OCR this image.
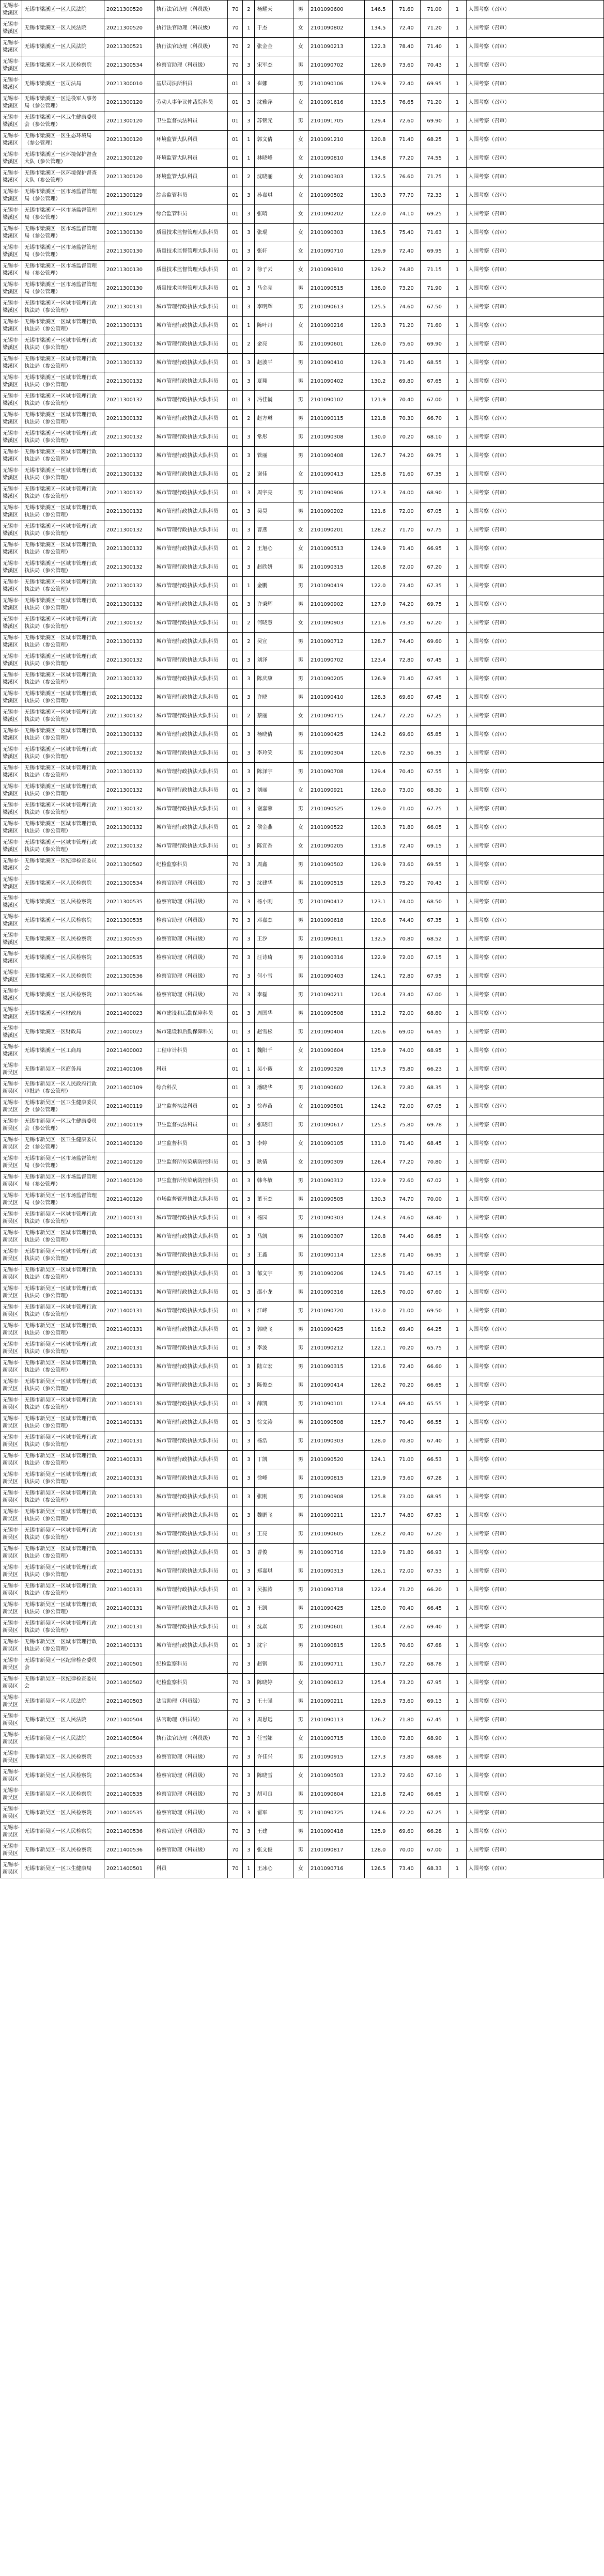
无锡市·梁溪区	无锡市梁溪区一区人民法院	20211300520	执行法官助理（科员级）	70	2	杨耀天	男	2101090600	146.5	71.60	71.00	1	人围考察（召审）
无锡市·梁溪区	无锡市梁溪区一区人民法院	20211300520	执行法官助理（科员级）	70	1	于杰	女	2101090802	134.5	72.40	71.20	1	人围考察（召审）
无锡市·梁溪区	无锡市梁溪区一区人民法院	20211300521	执行法官助理（科员级）	70	2	张金金	女	2101090213	122.3	78.40	71.40	1	人围考察（召审）
无锡市·梁溪区	无锡市梁溪区一区人民检察院	20211300534	检察官助理（科员级）	70	3	宋军杰	男	2101090702	126.9	73.60	70.43	1	人围考察（召审）
无锡市·梁溪区	无锡市梁溪区一区司法局	20211300010	基层司法所科员	01	3	崔娜	男	2101090106	129.9	72.40	69.95	1	人围考察（召审）
无锡市·梁溪区	无锡市梁溪区一区退役军人事务局（参公管理）	20211300120	劳动人事争议仲裁院科员	01	3	沈雅萍	女	2101091616	133.5	76.65	71.20	1	人围考察（召审）
无锡市·梁溪区	无锡市梁溪区一区卫生健康委员会（参公管理）	20211300120	卫生监督执法科员	01	3	苏铭元	男	2101091705	129.4	72.60	69.90	1	人围考察（召审）
无锡市·梁溪区	无锡市梁溪区一区生态环境局（参公管理）	20211300120	环境监管大队科员	01	1	郭文倩	女	2101091210	120.8	71.40	68.25	1	人围考察（召审）
无锡市·梁溪区	无锡市梁溪区一区环境保护督查大队（参公管理）	20211300120	环境监管大队科员	01	1	林晓峰	女	2101090810	134.8	77.20	74.55	1	人围考察（召审）
无锡市·梁溪区	无锡市梁溪区一区环境保护督查大队（参公管理）	20211300120	环境监管大队科员	01	2	沈晓丽	女	2101090303	132.5	76.60	71.75	1	人围考察（召审）
无锡市·梁溪区	无锡市梁溪区一区市场监督管理局（参公管理）	20211300129	综合监管科员	01	3	孙嘉琪	女	2101090502	130.3	77.70	72.33	1	人围考察（召审）
无锡市·梁溪区	无锡市梁溪区一区市场监督管理局（参公管理）	20211300129	综合监管科员	01	3	张晴	女	2101090202	122.0	74.10	69.25	1	人围考察（召审）
无锡市·梁溪区	无锡市梁溪区一区市场监督管理局（参公管理）	20211300130	质量技术监督管理大队科员	01	3	张琨	女	2101090303	136.5	75.40	71.63	1	人围考察（召审）
无锡市·梁溪区	无锡市梁溪区一区市场监督管理局（参公管理）	20211300130	质量技术监督管理大队科员	01	3	张轩	女	2101090710	129.9	72.40	69.95	1	人围考察（召审）
无锡市·梁溪区	无锡市梁溪区一区市场监督管理局（参公管理）	20211300130	质量技术监督管理大队科员	01	2	徐子云	女	2101090910	129.2	74.80	71.15	1	人围考察（召审）
无锡市·梁溪区	无锡市梁溪区一区市场监督管理局（参公管理）	20211300130	质量技术监督管理大队科员	01	3	马金亮	男	2101090515	138.0	73.20	71.90	1	人围考察（召审）
无锡市·梁溪区	无锡市梁溪区一区城市管理行政执法局（参公管理）	20211300131	城市管理行政执法大队科员	01	3	李明辉	男	2101090613	125.5	74.60	67.50	1	人围考察（召审）
无锡市·梁溪区	无锡市梁溪区一区城市管理行政执法局（参公管理）	20211300131	城市管理行政执法大队科员	01	1	陈叶丹	女	2101090216	129.3	71.20	71.60	1	人围考察（召审）
无锡市·梁溪区	无锡市梁溪区一区城市管理行政执法局（参公管理）	20211300132	城市管理行政执法大队科员	01	2	金亮	男	2101090601	126.0	75.60	69.90	1	人围考察（召审）
无锡市·梁溪区	无锡市梁溪区一区城市管理行政执法局（参公管理）	20211300132	城市管理行政执法大队科员	01	3	赵波平	男	2101090410	129.3	71.40	68.55	1	人围考察（召审）
无锡市·梁溪区	无锡市梁溪区一区城市管理行政执法局（参公管理）	20211300132	城市管理行政执法大队科员	01	3	夏翔	男	2101090402	130.2	69.80	67.65	1	人围考察（召审）
无锡市·梁溪区	无锡市梁溪区一区城市管理行政执法局（参公管理）	20211300132	城市管理行政执法大队科员	01	3	冯佳巍	男	2101090102	121.9	70.40	67.00	1	人围考察（召审）
无锡市·梁溪区	无锡市梁溪区一区城市管理行政执法局（参公管理）	20211300132	城市管理行政执法大队科员	01	2	赵方琳	男	2101090115	121.8	70.30	66.70	1	人围考察（召审）
无锡市·梁溪区	无锡市梁溪区一区城市管理行政执法局（参公管理）	20211300132	城市管理行政执法大队科员	01	3	常彤	男	2101090308	130.0	70.20	68.10	1	人围考察（召审）
无锡市·梁溪区	无锡市梁溪区一区城市管理行政执法局（参公管理）	20211300132	城市管理行政执法大队科员	01	3	管丽	男	2101090408	126.7	74.20	69.75	1	人围考察（召审）
无锡市·梁溪区	无锡市梁溪区一区城市管理行政执法局（参公管理）	20211300132	城市管理行政执法大队科员	01	2	谢佳	女	2101090413	125.8	71.60	67.35	1	人围考察（召审）
无锡市·梁溪区	无锡市梁溪区一区城市管理行政执法局（参公管理）	20211300132	城市管理行政执法大队科员	01	3	周宇亮	男	2101090906	127.3	74.00	68.90	1	人围考察（召审）
无锡市·梁溪区	无锡市梁溪区一区城市管理行政执法局（参公管理）	20211300132	城市管理行政执法大队科员	01	3	吴昊	男	2101090202	121.6	72.00	67.05	1	人围考察（召审）
无锡市·梁溪区	无锡市梁溪区一区城市管理行政执法局（参公管理）	20211300132	城市管理行政执法大队科员	01	3	曹燕	女	2101090201	128.2	71.70	67.75	1	人围考察（召审）
无锡市·梁溪区	无锡市梁溪区一区城市管理行政执法局（参公管理）	20211300132	城市管理行政执法大队科员	01	2	王旭心	女	2101090513	124.9	71.40	66.95	1	人围考察（召审）
无锡市·梁溪区	无锡市梁溪区一区城市管理行政执法局（参公管理）	20211300132	城市管理行政执法大队科员	01	3	赵欣妍	男	2101090315	120.8	72.00	67.20	1	人围考察（召审）
无锡市·梁溪区	无锡市梁溪区一区城市管理行政执法局（参公管理）	20211300132	城市管理行政执法大队科员	01	1	金鹏	男	2101090419	122.0	73.40	67.35	1	人围考察（召审）
无锡市·梁溪区	无锡市梁溪区一区城市管理行政执法局（参公管理）	20211300132	城市管理行政执法大队科员	01	3	许秉辉	男	2101090902	127.9	74.20	69.75	1	人围考察（召审）
无锡市·梁溪区	无锡市梁溪区一区城市管理行政执法局（参公管理）	20211300132	城市管理行政执法大队科员	01	2	何晓慧	女	2101090903	121.6	73.30	67.20	1	人围考察（召审）
无锡市·梁溪区	无锡市梁溪区一区城市管理行政执法局（参公管理）	20211300132	城市管理行政执法大队科员	01	2	吴宣	男	2101090712	128.7	74.40	69.60	1	人围考察（召审）
无锡市·梁溪区	无锡市梁溪区一区城市管理行政执法局（参公管理）	20211300132	城市管理行政执法大队科员	01	3	刘泽	男	2101090702	123.4	72.80	67.45	1	人围考察（召审）
无锡市·梁溪区	无锡市梁溪区一区城市管理行政执法局（参公管理）	20211300132	城市管理行政执法大队科员	01	3	陈庆康	男	2101090205	126.9	71.40	67.95	1	人围考察（召审）
无锡市·梁溪区	无锡市梁溪区一区城市管理行政执法局（参公管理）	20211300132	城市管理行政执法大队科员	01	3	许晓	男	2101090410	128.3	69.60	67.45	1	人围考察（召审）
无锡市·梁溪区	无锡市梁溪区一区城市管理行政执法局（参公管理）	20211300132	城市管理行政执法大队科员	01	2	蔡丽	女	2101090715	124.7	72.20	67.25	1	人围考察（召审）
无锡市·梁溪区	无锡市梁溪区一区城市管理行政执法局（参公管理）	20211300132	城市管理行政执法大队科员	01	3	杨晓倩	男	2101090425	124.2	69.60	65.85	1	人围考察（召审）
无锡市·梁溪区	无锡市梁溪区一区城市管理行政执法局（参公管理）	20211300132	城市管理行政执法大队科员	01	3	李玲笑	男	2101090304	120.6	72.50	66.35	1	人围考察（召审）
无锡市·梁溪区	无锡市梁溪区一区城市管理行政执法局（参公管理）	20211300132	城市管理行政执法大队科员	01	3	陈泽宇	男	2101090708	129.4	70.40	67.55	1	人围考察（召审）
无锡市·梁溪区	无锡市梁溪区一区城市管理行政执法局（参公管理）	20211300132	城市管理行政执法大队科员	01	3	刘丽	女	2101090921	126.0	73.00	68.30	1	人围考察（召审）
无锡市·梁溪区	无锡市梁溪区一区城市管理行政执法局（参公管理）	20211300132	城市管理行政执法大队科员	01	3	谢嘉蓉	男	2101090525	129.0	71.00	67.75	1	人围考察（召审）
无锡市·梁溪区	无锡市梁溪区一区城市管理行政执法局（参公管理）	20211300132	城市管理行政执法大队科员	01	2	侯金燕	女	2101090522	120.3	71.80	66.05	1	人围考察（召审）
无锡市·梁溪区	无锡市梁溪区一区城市管理行政执法局（参公管理）	20211300132	城市管理行政执法大队科员	01	3	陈宜香	女	2101090205	131.8	72.40	69.15	1	人围考察（召审）
无锡市·梁溪区	无锡市梁溪区一区纪律检查委员会	20211300502	纪检监察科员	70	3	周鑫	男	2101090502	129.9	73.60	69.55	1	人围考察（召审）
无锡市·梁溪区	无锡市梁溪区一区人民检察院	20211300534	检察官助理（科员级）	70	3	沈建华	男	2101090515	129.3	75.20	70.43	1	人围考察（召审）
无锡市·梁溪区	无锡市梁溪区一区人民检察院	20211300535	检察官助理（科员级）	70	3	杨小刚	男	2101090412	123.1	74.00	68.50	1	人围考察（召审）
无锡市·梁溪区	无锡市梁溪区一区人民检察院	20211300535	检察官助理（科员级）	70	3	邓嘉杰	男	2101090618	120.6	74.40	67.35	1	人围考察（召审）
无锡市·梁溪区	无锡市梁溪区一区人民检察院	20211300535	检察官助理（科员级）	70	3	王汐	男	2101090611	132.5	70.80	68.52	1	人围考察（召审）
无锡市·梁溪区	无锡市梁溪区一区人民检察院	20211300535	检察官助理（科员级）	70	3	汪诗琦	男	2101090316	122.9	72.00	67.15	1	人围考察（召审）
无锡市·梁溪区	无锡市梁溪区一区人民检察院	20211300536	检察官助理（科员级）	70	3	何小雪	男	2101090403	124.1	72.80	67.95	1	人围考察（召审）
无锡市·梁溪区	无锡市梁溪区一区人民检察院	20211300536	检察官助理（科员级）	70	3	李磊	男	2101090211	120.4	73.40	67.00	1	人围考察（召审）
无锡市·梁溪区	无锡市梁溪区一区财政局	20211400023	城市建设和后勤保障科员	01	3	周国华	男	2101090508	131.2	72.00	68.80	1	人围考察（召审）
无锡市·梁溪区	无锡市梁溪区一区财政局	20211400023	城市建设和后勤保障科员	01	3	赵雪松	男	2101090404	120.6	69.00	64.65	1	人围考察（召审）
无锡市·梁溪区	无锡市梁溪区一区工商局	20211400002	工程审计科员	01	1	魏阳千	女	2101090604	125.9	74.00	68.95	1	人围考察（召审）
无锡市·新吴区	无锡市新吴区一区商务局	20211400106	科员	01	1	吴小薇	女	2101090326	117.3	75.80	66.23	1	人围考察（召审）
无锡市·新吴区	无锡市新吴区一区人民政府行政审批局（参公管理）	20211400109	综合科员	01	3	潘晓华	男	2101090602	126.3	72.80	68.35	1	人围考察（召审）
无锡市·新吴区	无锡市新吴区一区卫生健康委员会（参公管理）	20211400119	卫生监督执法科员	01	3	徐春苗	女	2101090501	124.2	72.00	67.05	1	人围考察（召审）
无锡市·新吴区	无锡市新吴区一区卫生健康委员会（参公管理）	20211400119	卫生监督执法科员	01	3	张晓阳	男	2101090617	125.3	75.80	69.78	1	人围考察（召审）
无锡市·新吴区	无锡市新吴区一区卫生健康委员会（参公管理）	20211400120	卫生监督科员	01	3	李婷	女	2101090105	131.0	71.40	68.45	1	人围考察（召审）
无锡市·新吴区	无锡市新吴区一区市场监督管理局（参公管理）	20211400120	卫生监督所传染病防控科员	01	3	耿倩	女	2101090309	126.4	77.20	70.80	1	人围考察（召审）
无锡市·新吴区	无锡市新吴区一区市场监督管理局（参公管理）	20211400120	卫生监督所传染病防控科员	01	3	韩冬敏	男	2101090312	122.9	72.60	67.02	1	人围考察（召审）
无锡市·新吴区	无锡市新吴区一区市场监督管理局（参公管理）	20211400120	市场监督管理执法大队科员	01	3	董玉杰	男	2101090505	130.3	74.70	70.00	1	人围考察（召审）
无锡市·新吴区	无锡市新吴区一区城市管理行政执法局（参公管理）	20211400131	城市管理行政执法大队科员	01	3	杨园	男	2101090303	124.3	74.60	68.40	1	人围考察（召审）
无锡市·新吴区	无锡市新吴区一区城市管理行政执法局（参公管理）	20211400131	城市管理行政执法大队科员	01	3	马凯	男	2101090307	120.8	74.40	66.85	1	人围考察（召审）
无锡市·新吴区	无锡市新吴区一区城市管理行政执法局（参公管理）	20211400131	城市管理行政执法大队科员	01	3	王鑫	男	2101090114	123.8	71.40	66.95	1	人围考察（召审）
无锡市·新吴区	无锡市新吴区一区城市管理行政执法局（参公管理）	20211400131	城市管理行政执法大队科员	01	3	郁文宇	男	2101090206	124.5	71.40	67.15	1	人围考察（召审）
无锡市·新吴区	无锡市新吴区一区城市管理行政执法局（参公管理）	20211400131	城市管理行政执法大队科员	01	3	邵小龙	男	2101090316	128.5	70.00	67.60	1	人围考察（召审）
无锡市·新吴区	无锡市新吴区一区城市管理行政执法局（参公管理）	20211400131	城市管理行政执法大队科员	01	3	江峰	男	2101090720	132.0	71.00	69.50	1	人围考察（召审）
无锡市·新吴区	无锡市新吴区一区城市管理行政执法局（参公管理）	20211400131	城市管理行政执法大队科员	01	3	郭晓飞	男	2101090425	118.2	69.40	64.25	1	人围考察（召审）
无锡市·新吴区	无锡市新吴区一区城市管理行政执法局（参公管理）	20211400131	城市管理行政执法大队科员	01	3	李波	男	2101090212	122.1	70.20	65.75	1	人围考察（召审）
无锡市·新吴区	无锡市新吴区一区城市管理行政执法局（参公管理）	20211400131	城市管理行政执法大队科员	01	3	陆立宏	男	2101090315	121.6	72.40	66.60	1	人围考察（召审）
无锡市·新吴区	无锡市新吴区一区城市管理行政执法局（参公管理）	20211400131	城市管理行政执法大队科员	01	3	陈俊杰	男	2101090414	126.2	70.20	66.65	1	人围考察（召审）
无锡市·新吴区	无锡市新吴区一区城市管理行政执法局（参公管理）	20211400131	城市管理行政执法大队科员	01	3	薛凯	男	2101090101	123.4	69.40	65.55	1	人围考察（召审）
无锡市·新吴区	无锡市新吴区一区城市管理行政执法局（参公管理）	20211400131	城市管理行政执法大队科员	01	3	徐文涛	男	2101090508	125.7	70.40	66.55	1	人围考察（召审）
无锡市·新吴区	无锡市新吴区一区城市管理行政执法局（参公管理）	20211400131	城市管理行政执法大队科员	01	3	杨浩	男	2101090303	128.0	70.80	67.40	1	人围考察（召审）
无锡市·新吴区	无锡市新吴区一区城市管理行政执法局（参公管理）	20211400131	城市管理行政执法大队科员	01	3	丁凯	男	2101090520	124.1	71.00	66.53	1	人围考察（召审）
无锡市·新吴区	无锡市新吴区一区城市管理行政执法局（参公管理）	20211400131	城市管理行政执法大队科员	01	3	徐峰	男	2101090815	121.9	73.60	67.28	1	人围考察（召审）
无锡市·新吴区	无锡市新吴区一区城市管理行政执法局（参公管理）	20211400131	城市管理行政执法大队科员	01	3	张刚	男	2101090908	125.8	73.00	68.95	1	人围考察（召审）
无锡市·新吴区	无锡市新吴区一区城市管理行政执法局（参公管理）	20211400131	城市管理行政执法大队科员	01	3	魏鹏飞	男	2101090211	121.7	74.80	67.83	1	人围考察（召审）
无锡市·新吴区	无锡市新吴区一区城市管理行政执法局（参公管理）	20211400131	城市管理行政执法大队科员	01	3	王亮	男	2101090605	128.2	70.40	67.20	1	人围考察（召审）
无锡市·新吴区	无锡市新吴区一区城市管理行政执法局（参公管理）	20211400131	城市管理行政执法大队科员	01	3	曹俊	男	2101090716	123.9	71.80	66.93	1	人围考察（召审）
无锡市·新吴区	无锡市新吴区一区城市管理行政执法局（参公管理）	20211400131	城市管理行政执法大队科员	01	3	郑嘉琪	男	2101090313	126.1	72.00	67.53	1	人围考察（召审）
无锡市·新吴区	无锡市新吴区一区城市管理行政执法局（参公管理）	20211400131	城市管理行政执法大队科员	01	3	吴振涛	男	2101090718	122.4	71.20	66.20	1	人围考察（召审）
无锡市·新吴区	无锡市新吴区一区城市管理行政执法局（参公管理）	20211400131	城市管理行政执法大队科员	01	3	王凯	男	2101090425	125.0	70.40	66.45	1	人围考察（召审）
无锡市·新吴区	无锡市新吴区一区城市管理行政执法局（参公管理）	20211400131	城市管理行政执法大队科员	01	3	沈焱	男	2101090601	130.4	72.60	69.40	1	人围考察（召审）
无锡市·新吴区	无锡市新吴区一区城市管理行政执法局（参公管理）	20211400131	城市管理行政执法大队科员	01	3	沈宇	男	2101090815	129.5	70.60	67.68	1	人围考察（召审）
无锡市·新吴区	无锡市新吴区一区纪律检查委员会	20211400501	纪检监察科员	70	3	赵钢	男	2101090711	130.7	72.20	68.78	1	人围考察（召审）
无锡市·新吴区	无锡市新吴区一区纪律检查委员会	20211400502	纪检监察科员	70	3	陈晓婷	女	2101090612	125.4	73.20	67.95	1	人围考察（召审）
无锡市·新吴区	无锡市新吴区一区人民法院	20211400503	法官助理（科员级）	70	3	王士强	男	2101090211	129.3	73.60	69.13	1	人围考察（召审）
无锡市·新吴区	无锡市新吴区一区人民法院	20211400504	法官助理（科员级）	70	3	周思远	男	2101090113	126.2	71.80	67.45	1	人围考察（召审）
无锡市·新吴区	无锡市新吴区一区人民法院	20211400504	执行法官助理（科员级）	70	3	任雪娜	女	2101090715	130.0	72.80	68.90	1	人围考察（召审）
无锡市·新吴区	无锡市新吴区一区人民检察院	20211400533	检察官助理（科员级）	70	3	许佳兴	男	2101090915	127.3	73.80	68.68	1	人围考察（召审）
无锡市·新吴区	无锡市新吴区一区人民检察院	20211400534	检察官助理（科员级）	70	3	陈晓雪	女	2101090503	123.2	72.60	67.10	1	人围考察（召审）
无锡市·新吴区	无锡市新吴区一区人民检察院	20211400535	检察官助理（科员级）	70	3	胡可良	男	2101090604	121.8	72.40	66.65	1	人围考察（召审）
无锡市·新吴区	无锡市新吴区一区人民检察院	20211400535	检察官助理（科员级）	70	3	翟军	男	2101090725	124.6	72.20	67.25	1	人围考察（召审）
无锡市·新吴区	无锡市新吴区一区人民检察院	20211400536	检察官助理（科员级）	70	3	王建	男	2101090418	125.9	69.60	66.28	1	人围考察（召审）
无锡市·新吴区	无锡市新吴区一区人民检察院	20211400536	检察官助理（科员级）	70	3	张文俊	男	2101090817	128.0	70.00	67.00	1	人围考察（召审）
无锡市·新吴区	无锡市新吴区一区卫生健康局	20211400501	科员	70	1	王冰心	女	2101090716	126.5	73.40	68.33	1	人围考察（召审）
